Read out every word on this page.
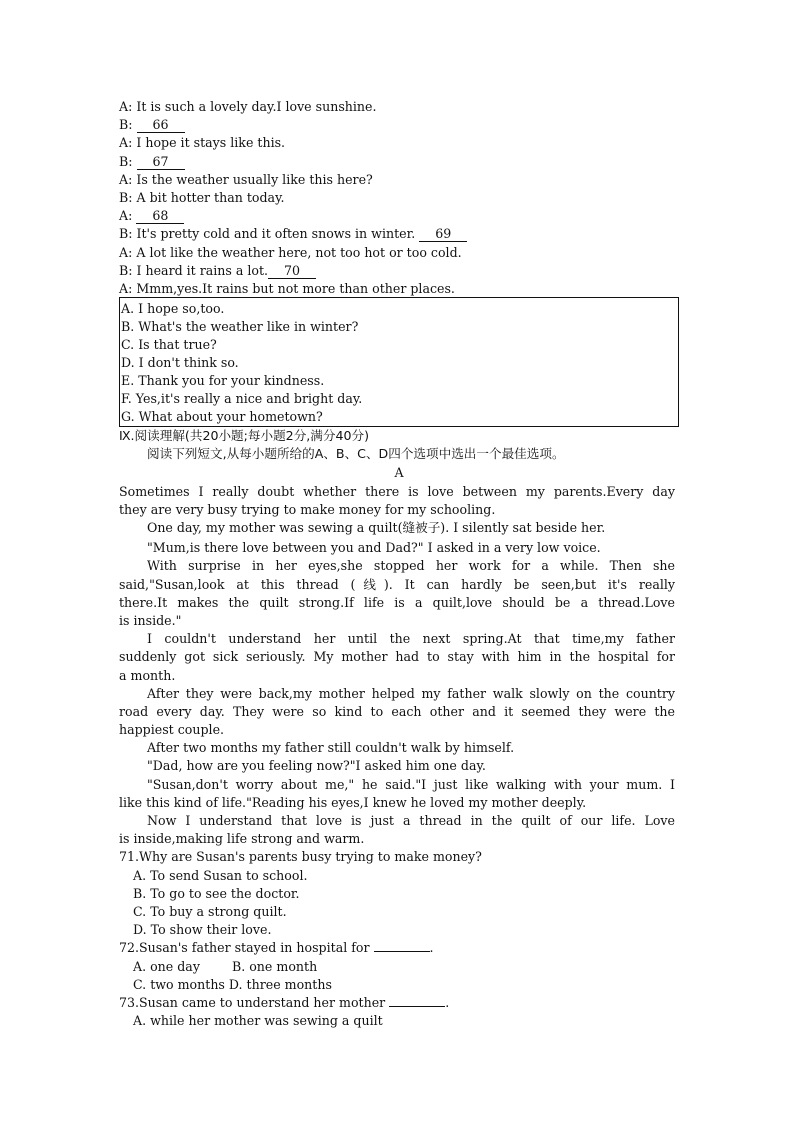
A: It is such a lovely day.I love sunshine.
B: 66
A: I hope it stays like this.
B: 67
A: Is the weather usually like this here?
B: A bit hotter than today.
A: 68
B: It's pretty cold and it often snows in winter. 69
A: A lot like the weather here, not too hot or too cold.
B: I heard it rains a lot. 70
A: Mmm,yes.It rains but not more than other places.
A. I hope so,too.
B. What's the weather like in winter?
C. Is that true?
D. I don't think so.
E. Thank you for your kindness.
F. Yes,it's really a nice and bright day.
G. What about your hometown?
Ⅸ.阅读理解(共20小题;每小题2分,满分40分)
阅读下列短文,从每小题所给的A、B、C、D四个选项中选出一个最佳选项。
A
Sometimes I really doubt whether there is love between my parents.Every day
they are very busy trying to make money for my schooling.
One day, my mother was sewing a quilt(缝被子). I silently sat beside her.
"Mum,is there love between you and Dad?" I asked in a very low voice.
With surprise in her eyes,she stopped her work for a while. Then she
said,"Susan,look at this thread (线). It can hardly be seen,but it's really
there.It makes the quilt strong.If life is a quilt,love should be a thread.Love
is inside."
I couldn't understand her until the next spring.At that time,my father
suddenly got sick seriously. My mother had to stay with him in the hospital for
a month.
After they were back,my mother helped my father walk slowly on the country
road every day. They were so kind to each other and it seemed they were the
happiest couple.
After two months my father still couldn't walk by himself.
"Dad, how are you feeling now?"I asked him one day.
"Susan,don't worry about me," he said."I just like walking with your mum. I
like this kind of life."Reading his eyes,I knew he loved my mother deeply.
Now I understand that love is just a thread in the quilt of our life. Love
is inside,making life strong and warm.
71.Why are Susan's parents busy trying to make money?
A. To send Susan to school.
B. To go to see the doctor.
C. To buy a strong quilt.
D. To show their love.
72.Susan's father stayed in hospital for	.
A. one day        B. one month
C. two months D. three months
73.Susan came to understand her mother	.
A. while her mother was sewing a quilt
